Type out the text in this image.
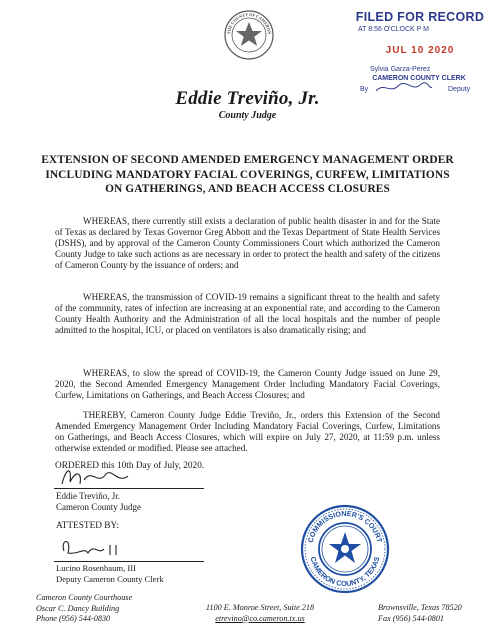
THE COUNTY OF CAMERON
Eddie Treviño, Jr.
County Judge
FILED FOR RECORD
AT 8:56 O'CLOCK P M
JUL 10 2020
Sylvia Garza-Perez
CAMERON COUNTY CLERK
By	Deputy
EXTENSION OF SECOND AMENDED EMERGENCY MANAGEMENT ORDER INCLUDING MANDATORY FACIAL COVERINGS, CURFEW, LIMITATIONS ON GATHERINGS, AND BEACH ACCESS CLOSURES
WHEREAS, there currently still exists a declaration of public health disaster in and for the State of Texas as declared by Texas Governor Greg Abbott and the Texas Department of State Health Services (DSHS), and by approval of the Cameron County Commissioners Court which authorized the Cameron County Judge to take such actions as are necessary in order to protect the health and safety of the citizens of Cameron County by the issuance of orders; and
WHEREAS, the transmission of COVID-19 remains a significant threat to the health and safety of the community, rates of infection are increasing at an exponential rate, and according to the Cameron County Health Authority and the Administration of all the local hospitals and the number of people admitted to the hospital, ICU, or placed on ventilators is also dramatically rising; and
WHEREAS, to slow the spread of COVID-19, the Cameron County Judge issued on June 29, 2020, the Second Amended Emergency Management Order Including Mandatory Facial Coverings, Curfew, Limitations on Gatherings, and Beach Access Closures; and
THEREBY, Cameron County Judge Eddie Treviño, Jr., orders this Extension of the Second Amended Emergency Management Order Including Mandatory Facial Coverings, Curfew, Limitations on Gatherings, and Beach Access Closures, which will expire on July 27, 2020, at 11:59 p.m. unless otherwise extended or modified. Please see attached.
ORDERED this 10th Day of July, 2020.
Eddie Treviño, Jr.
Cameron County Judge
ATTESTED BY:
Lucino Rosenbaum, III
Deputy Cameron County Clerk
COMMISSIONER'S COURT
CAMERON COUNTY, TEXAS
Cameron County Courthouse
Oscar C. Dancy Building
Phone (956) 544-0830
1100 E. Monroe Street, Suite 218
etrevino@co.cameron.tx.us
Brownsville, Texas 78520
Fax (956) 544-0801
